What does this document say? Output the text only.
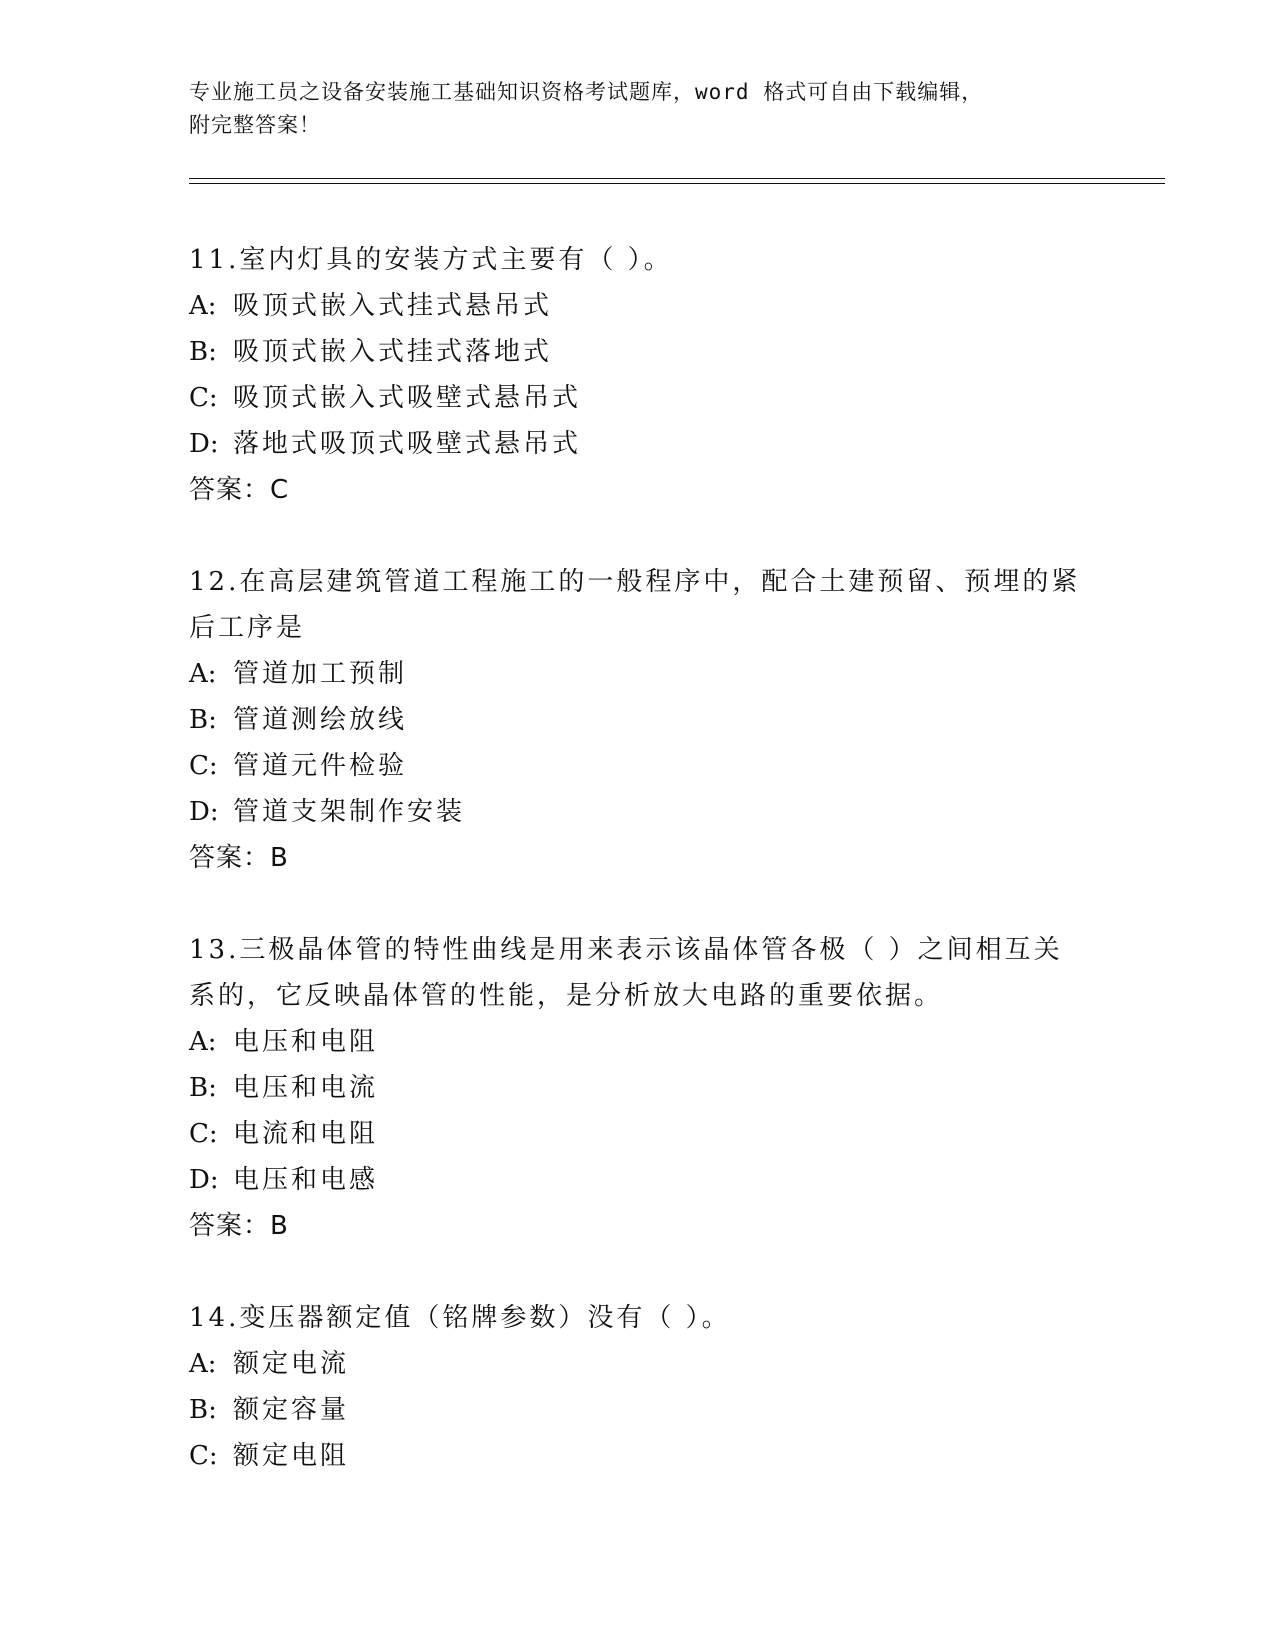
专业施工员之设备安装施工基础知识资格考试题库，word 格式可自由下载编辑，
附完整答案！
11.室内灯具的安装方式主要有（ ）。
A: 吸顶式嵌入式挂式悬吊式
B: 吸顶式嵌入式挂式落地式
C: 吸顶式嵌入式吸壁式悬吊式
D: 落地式吸顶式吸壁式悬吊式
答案：C
12.在高层建筑管道工程施工的一般程序中，配合土建预留、预埋的紧
后工序是
A: 管道加工预制
B: 管道测绘放线
C: 管道元件检验
D: 管道支架制作安装
答案：B
13.三极晶体管的特性曲线是用来表示该晶体管各极（ ）之间相互关
系的，它反映晶体管的性能，是分析放大电路的重要依据。
A: 电压和电阻
B: 电压和电流
C: 电流和电阻
D: 电压和电感
答案：B
14.变压器额定值（铭牌参数）没有（ ）。
A: 额定电流
B: 额定容量
C: 额定电阻
